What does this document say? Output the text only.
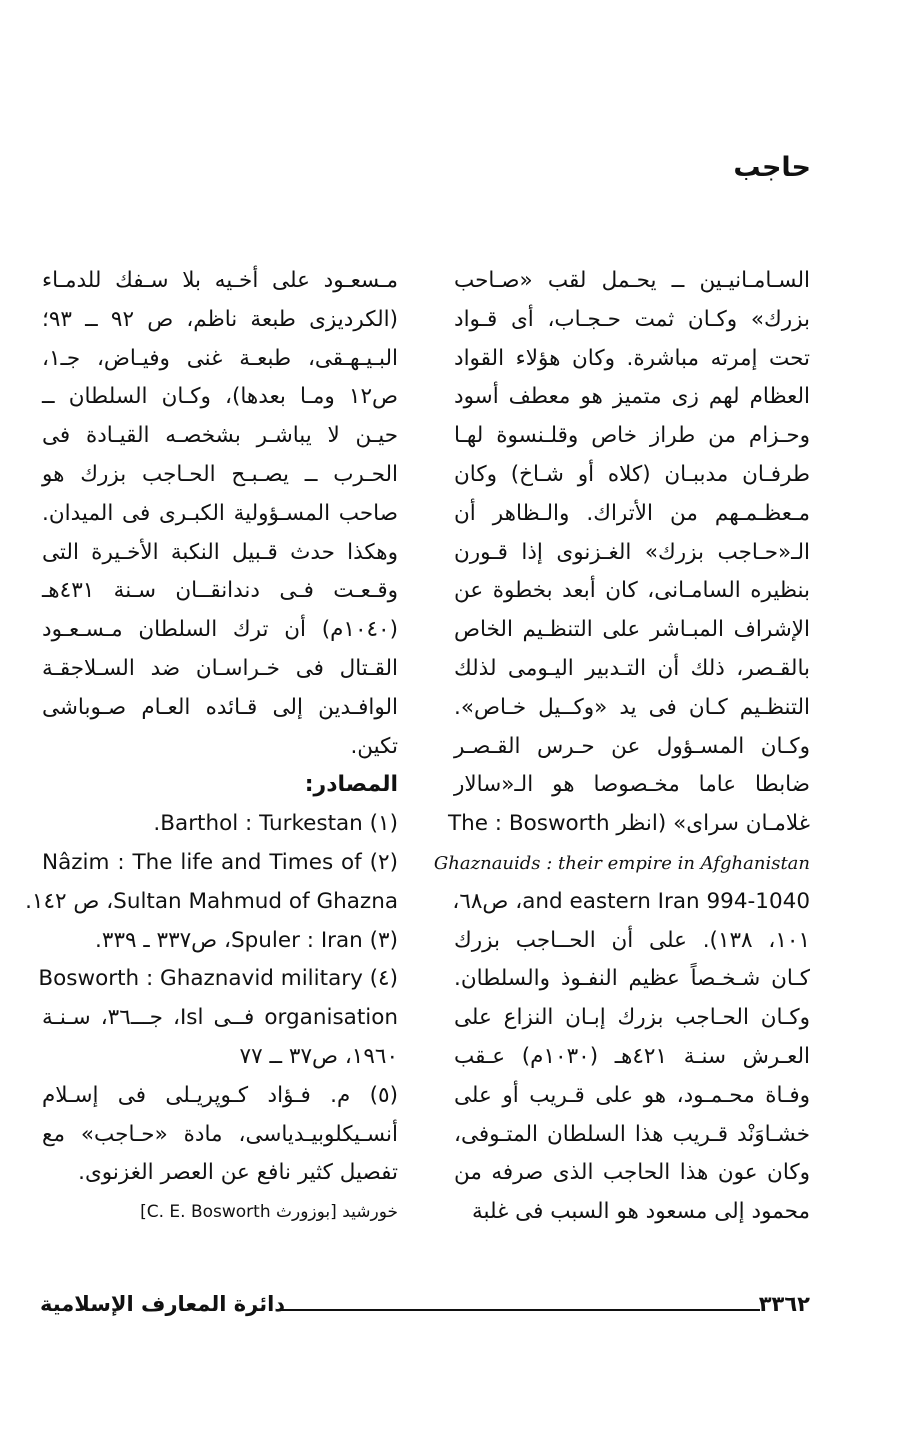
حاجب
السـامـانيـين ــ يحـمل لقب «صـاحب
بزرك» وكـان ثمت حـجـاب، أى قـواد
تحت إمرته مباشرة. وكان هؤلاء القواد
العظام لهم زى متميز هو معطف أسود
وحـزام من طراز خاص وقلـنسوة لهـا
طرفـان مدببـان (كلاه أو شـاخ) وكان
مـعظـمـهم من الأتراك. والـظاهر أن
الـ«حـاجب بزرك» الغـزنوى إذا قـورن
بنظيره السامـانى، كان أبعد بخطوة عن
الإشراف المبـاشر على التنظـيم الخاص
بالقـصر، ذلك أن التـدبير اليـومى لذلك
التنظـيم كـان فى يد «وكــيل خـاص».
وكـان المسـؤول عن حـرس القـصـر
ضابطا عاما مخـصوصا هو الـ«سالار
غلامـان سراى» (انظر The : Bosworth
Ghaznauids : their empire in Afghanistan
and eastern Iran 994-1040، ص٦٨،
١٠١، ١٣٨). على أن الحــاجب بزرك
كـان شـخـصاً عظيم النفـوذ والسلطان.
وكـان الحـاجب بزرك إبـان النزاع على
العـرش سنـة ٤٢١هـ (١٠٣٠م) عـقب
وفـاة محـمـود، هو على قـريب أو على
خشـاوَنْد قـريب هذا السلطان المتـوفى،
وكان عون هذا الحاجب الذى صرفه من
محمود إلى مسعود هو السبب فى غلبة
مـسعـود على أخـيه بلا سـفك للدمـاء
(الكرديزى طبعة ناظم، ص ٩٢ ــ ٩٣؛
البـيـهـقى، طبعـة غنى وفيـاض، جـ١،
ص١٢ ومـا بعدها)، وكـان السلطان ــ
حيـن لا يباشـر بشخصـه القيـادة فى
الحـرب ــ يصـبـح الحـاجب بزرك هو
صاحب المسـؤولية الكبـرى فى الميدان.
وهكذا حدث قـبيل النكبة الأخـيرة التى
وقـعـت فـى دندانقــان سـنة ٤٣١هـ
(١٠٤٠م) أن ترك السلطان مـسـعـود
القـتال فى خـراسـان ضد السـلاجقـة
الوافـدين إلى قـائده العـام صـوباشى
تكين.
المصادر:
(١) Barthol : Turkestan.
(٢) Nâzim : The life and Times of
Sultan Mahmud of Ghazna، ص ١٤٢.
(٣) Spuler : Iran، ص٣٣٧ ـ ٣٣٩.
(٤) Bosworth : Ghaznavid military
organisation فــى Isl، جـــ٣٦، سـنـة
١٩٦٠، ص٣٧ ــ ٧٧
(٥) م. فـؤاد كـوپريـلى فى إسـلام
أنسـيكلوبيـدياسى، مادة «حـاجب» مع
تفصيل كثير نافع عن العصر الغزنوى.
خورشيد [بوزورث C. E. Bosworth]
دائرة المعارف الإسلامية	٣٣٦٢
